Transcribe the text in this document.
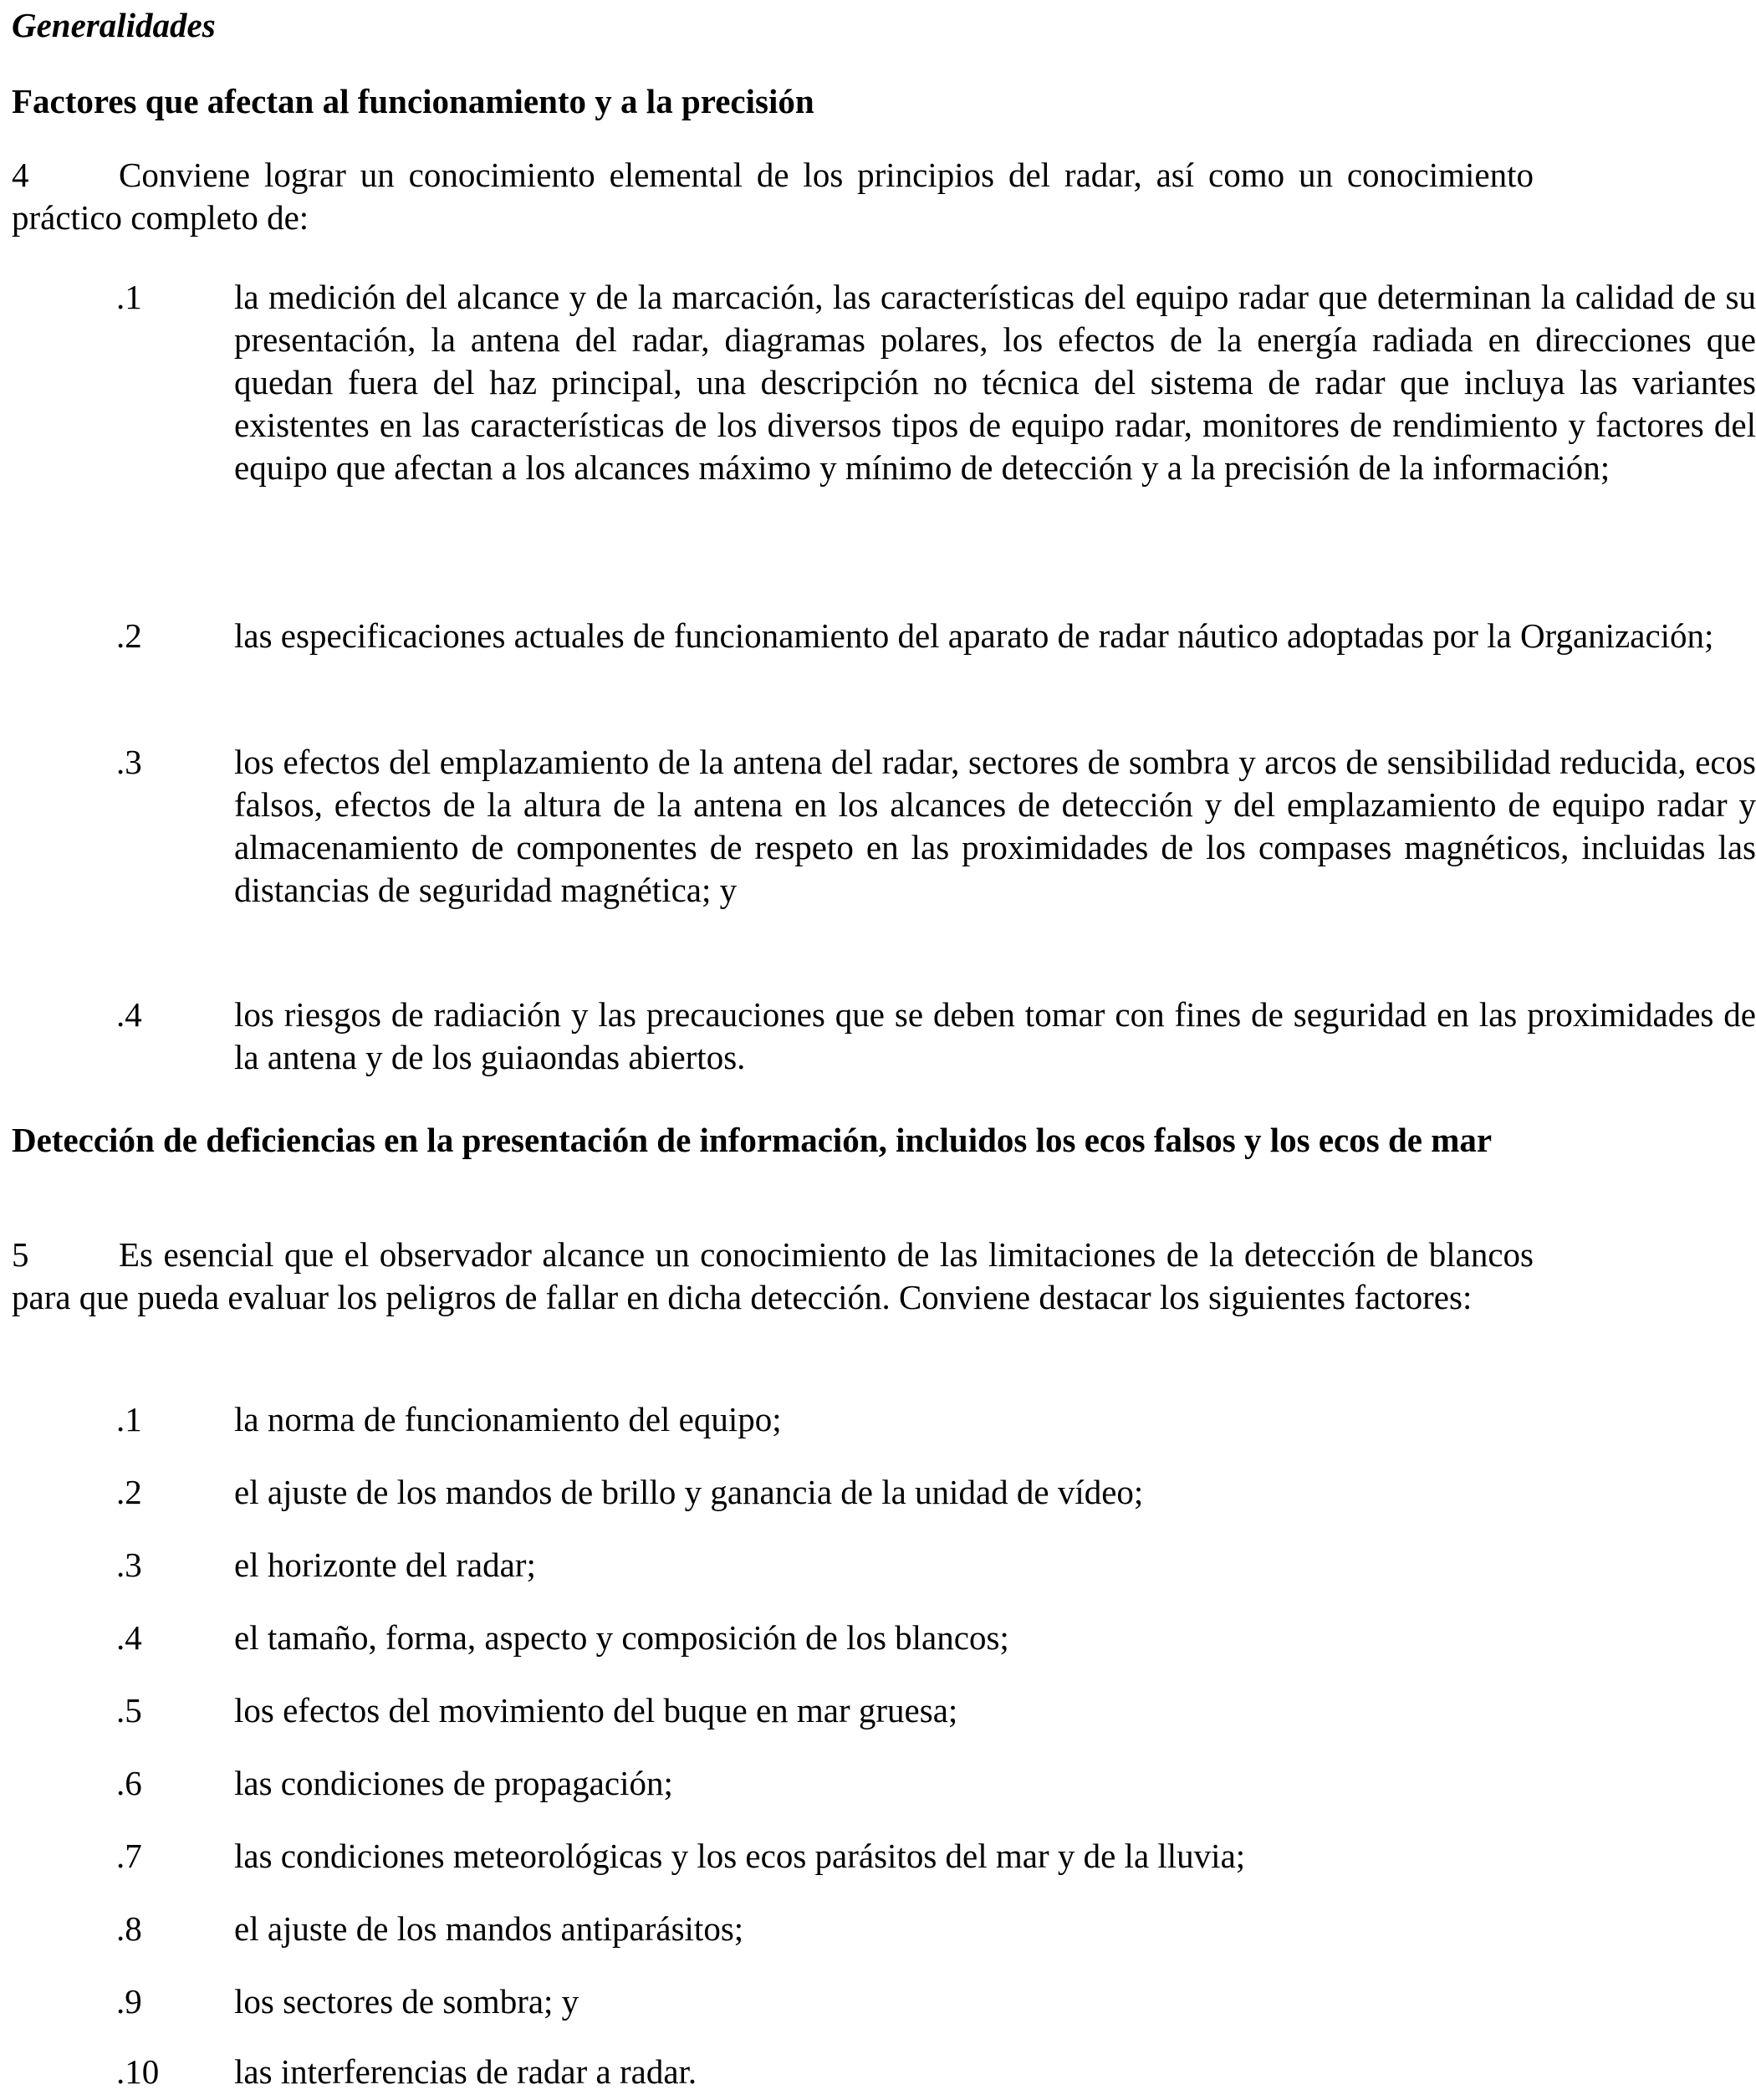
Generalidades

Factores que afectan al funcionamiento y a la precisión

4	Conviene lograr un conocimiento elemental de los principios del radar, así como un conocimiento práctico completo de:

.1	la medición del alcance y de la marcación, las características del equipo radar que determinan la calidad de su presentación, la antena del radar, diagramas polares, los efectos de la energía radiada en direcciones que quedan fuera del haz principal, una descripción no técnica del sistema de radar que incluya las variantes existentes en las características de los diversos tipos de equipo radar, monitores de rendimiento y factores del equipo que afectan a los alcances máximo y mínimo de detección y a la precisión de la información;
.2	las especificaciones actuales de funcionamiento del aparato de radar náutico adoptadas por la Organización;
.3	los efectos del emplazamiento de la antena del radar, sectores de sombra y arcos de sensibilidad reducida, ecos falsos, efectos de la altura de la antena en los alcances de detección y del emplazamiento de equipo radar y almacenamiento de componentes de respeto en las proximidades de los compases magnéticos, incluidas las distancias de seguridad magnética; y
.4	los riesgos de radiación y las precauciones que se deben tomar con fines de seguridad en las proximidades de la antena y de los guiaondas abiertos.

Detección de deficiencias en la presentación de información, incluidos los ecos falsos y los ecos de mar

5	Es esencial que el observador alcance un conocimiento de las limitaciones de la detección de blancos para que pueda evaluar los peligros de fallar en dicha detección. Conviene destacar los siguientes factores:

.1	la norma de funcionamiento del equipo;
.2	el ajuste de los mandos de brillo y ganancia de la unidad de vídeo;
.3	el horizonte del radar;
.4	el tamaño, forma, aspecto y composición de los blancos;
.5	los efectos del movimiento del buque en mar gruesa;
.6	las condiciones de propagación;
.7	las condiciones meteorológicas y los ecos parásitos del mar y de la lluvia;
.8	el ajuste de los mandos antiparásitos;
.9	los sectores de sombra; y
.10 las interferencias de radar a radar.
